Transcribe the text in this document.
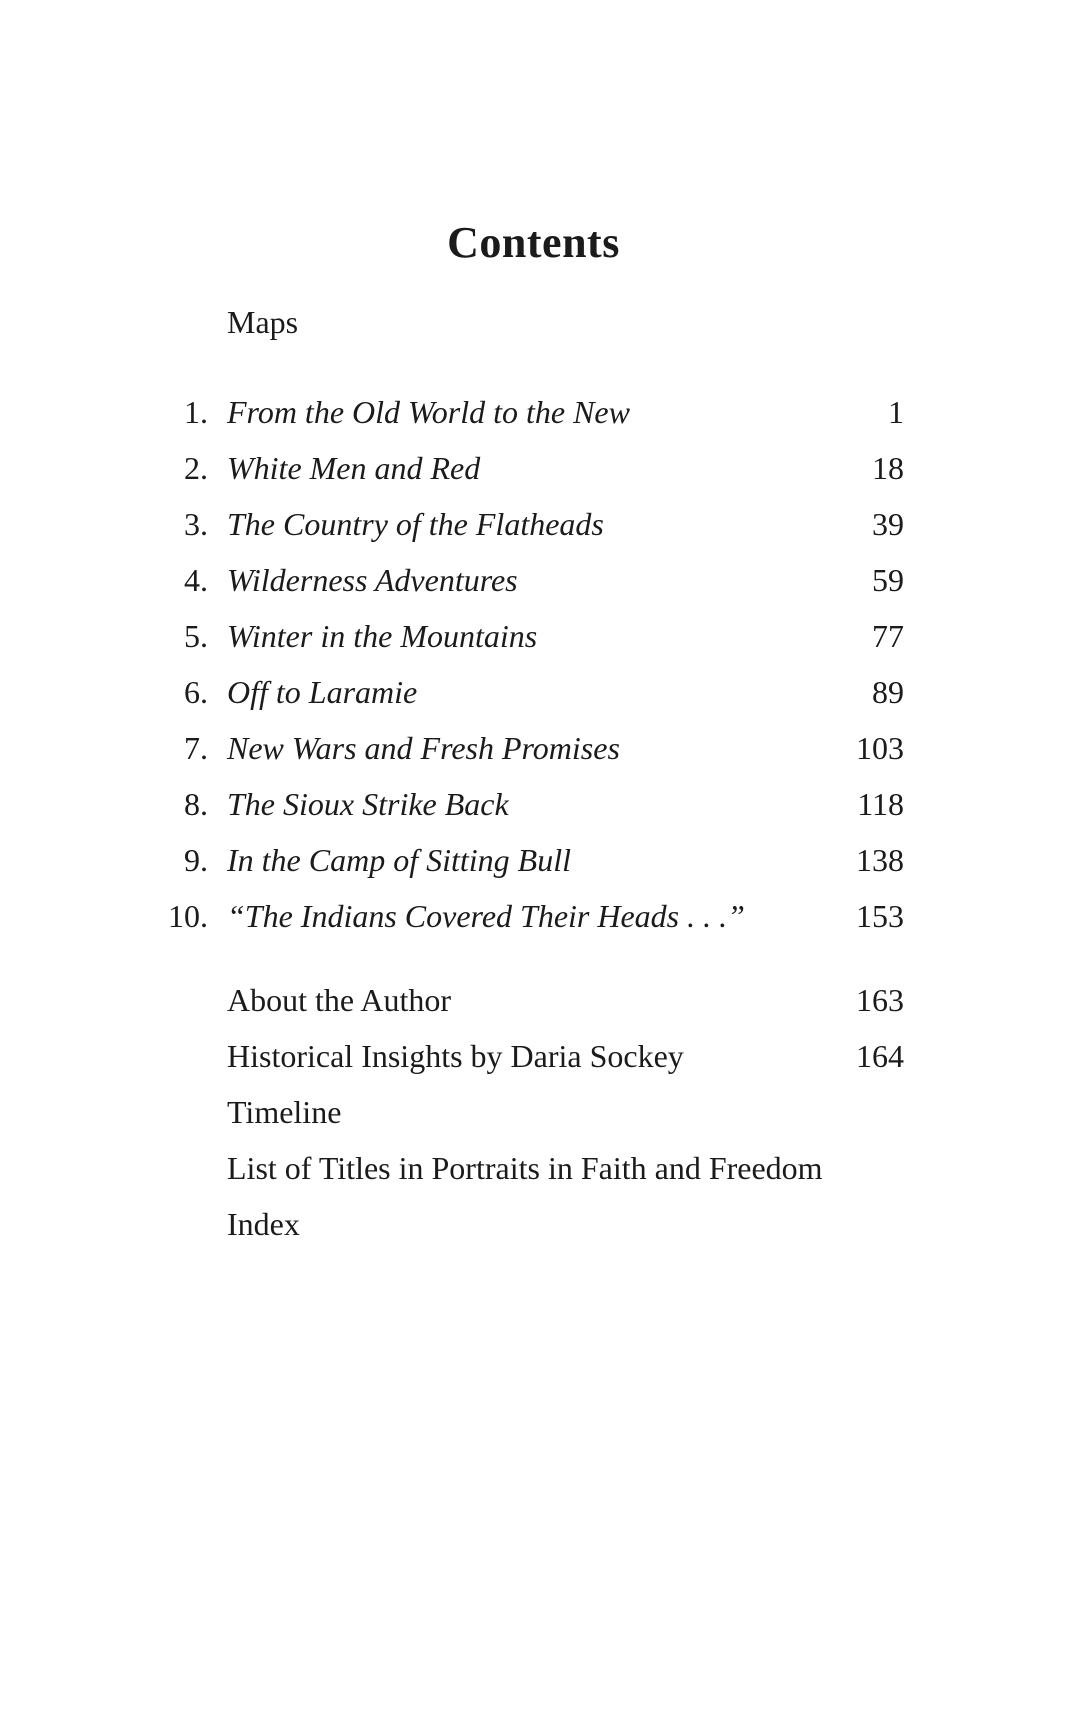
Contents
Maps
1. From the Old World to the New	1
2. White Men and Red	18
3. The Country of the Flatheads	39
4. Wilderness Adventures	59
5. Winter in the Mountains	77
6. Off to Laramie	89
7. New Wars and Fresh Promises	103
8. The Sioux Strike Back	118
9. In the Camp of Sitting Bull	138
10. “The Indians Covered Their Heads . . .”	153
About the Author	163
Historical Insights by Daria Sockey	164
Timeline
List of Titles in Portraits in Faith and Freedom
Index
